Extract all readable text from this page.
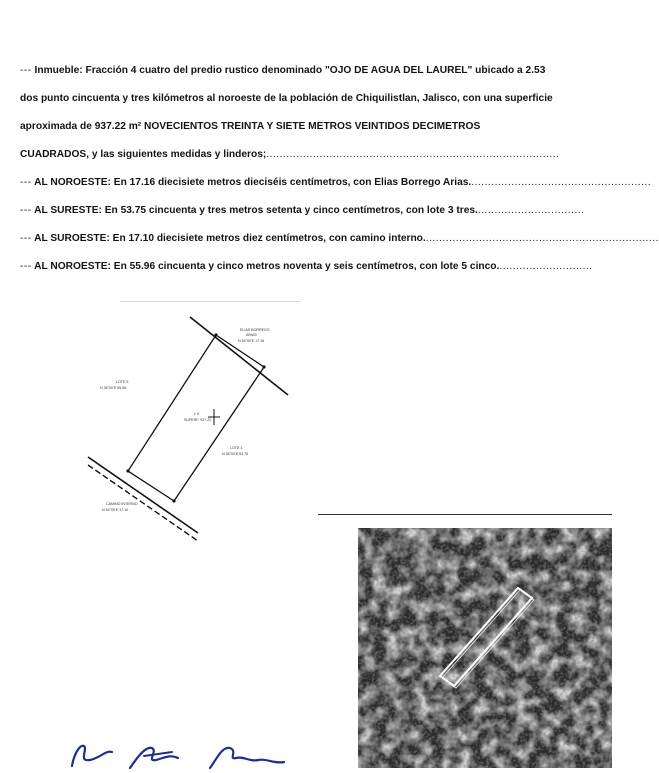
--- Inmueble: Fracción 4 cuatro del predio rustico denominado "OJO DE AGUA DEL LAUREL" ubicado a 2.53
dos punto cincuenta y tres kilómetros al noroeste de la población de Chiquilistlan, Jalisco, con una superficie
aproximada de 937.22 m² NOVECIENTOS TREINTA Y SIETE METROS VEINTIDOS DECIMETROS
CUADRADOS, y las siguientes medidas y linderos;........................................................................................
--- AL NOROESTE: En 17.16 diecisiete metros dieciséis centímetros, con Elias Borrego Arias.......................................................
--- AL SURESTE: En 53.75 cincuenta y tres metros setenta y cinco centímetros, con lote 3 tres.................................
--- AL SUROESTE: En 17.10 diecisiete metros diez centímetros, con camino interno.......................................................................
--- AL NOROESTE: En 55.96 cincuenta y cinco metros noventa y seis centímetros, con lote 5 cinco.............................
ELIAS BORREGO
ARIAS
N 54°00'E 17.16
LOTE 5
N 36°00'E 55.96
L 4
SUPERF. 937.22
LOTE 3
N 36°00'E 53.75
CAMINO INTERNO
N 54°00'E 17.10
